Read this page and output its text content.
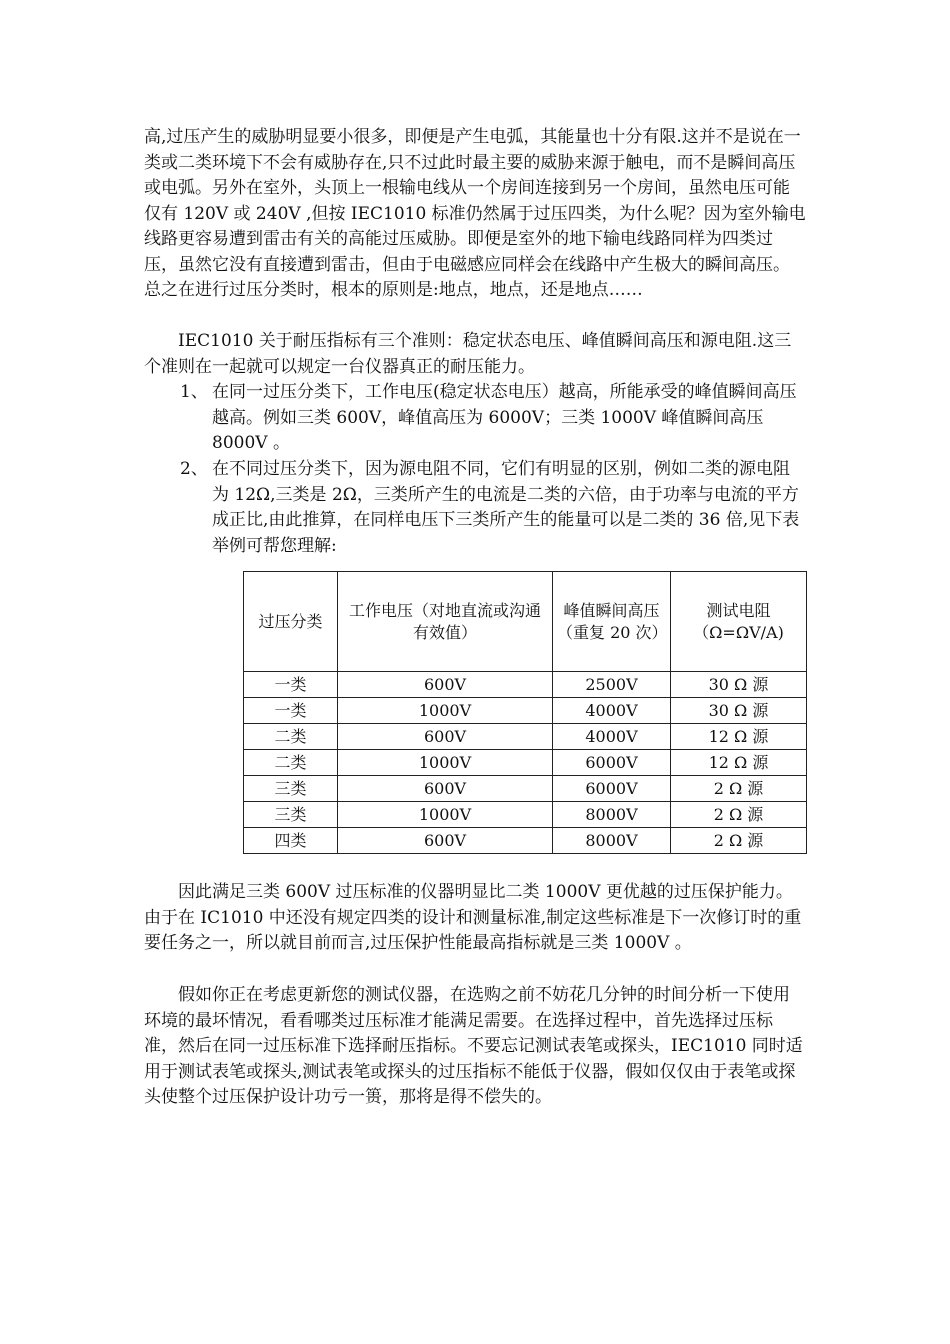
高,过压产生的威胁明显要小很多，即便是产生电弧，其能量也十分有限.这并不是说在一类或二类环境下不会有威胁存在,只不过此时最主要的威胁来源于触电，而不是瞬间高压或电弧。另外在室外，头顶上一根输电线从一个房间连接到另一个房间，虽然电压可能仅有 120V 或 240V ,但按 IEC1010 标准仍然属于过压四类，为什么呢？因为室外输电线路更容易遭到雷击有关的高能过压威胁。即便是室外的地下输电线路同样为四类过压，虽然它没有直接遭到雷击，但由于电磁感应同样会在线路中产生极大的瞬间高压。总之在进行过压分类时，根本的原则是:地点，地点，还是地点……

IEC1010 关于耐压指标有三个准则：稳定状态电压、峰值瞬间高压和源电阻.这三个准则在一起就可以规定一台仪器真正的耐压能力。

1、 在同一过压分类下，工作电压(稳定状态电压）越高，所能承受的峰值瞬间高压越高。例如三类 600V，峰值高压为 6000V；三类 1000V 峰值瞬间高压 8000V 。
2、 在不同过压分类下，因为源电阻不同，它们有明显的区别，例如二类的源电阻为 12Ω,三类是 2Ω，三类所产生的电流是二类的六倍，由于功率与电流的平方成正比,由此推算，在同样电压下三类所产生的能量可以是二类的 36 倍,见下表举例可帮您理解:
过压分类	工作电压（对地直流或沟通有效值）	峰值瞬间高压（重复 20 次）	测试电阻（Ω=ΩV/A)
一类	600V	2500V	30 Ω 源
一类	1000V	4000V	30 Ω 源
二类	600V	4000V	12 Ω 源
二类	1000V	6000V	12 Ω 源
三类	600V	6000V	2 Ω 源
三类	1000V	8000V	2 Ω 源
四类	600V	8000V	2 Ω 源

因此满足三类 600V 过压标准的仪器明显比二类 1000V 更优越的过压保护能力。由于在 IC1010 中还没有规定四类的设计和测量标准,制定这些标准是下一次修订时的重要任务之一，所以就目前而言,过压保护性能最高指标就是三类 1000V 。

假如你正在考虑更新您的测试仪器，在选购之前不妨花几分钟的时间分析一下使用环境的最坏情况，看看哪类过压标准才能满足需要。在选择过程中，首先选择过压标准，然后在同一过压标准下选择耐压指标。不要忘记测试表笔或探头，IEC1010 同时适用于测试表笔或探头,测试表笔或探头的过压指标不能低于仪器，假如仅仅由于表笔或探头使整个过压保护设计功亏一篑，那将是得不偿失的。
